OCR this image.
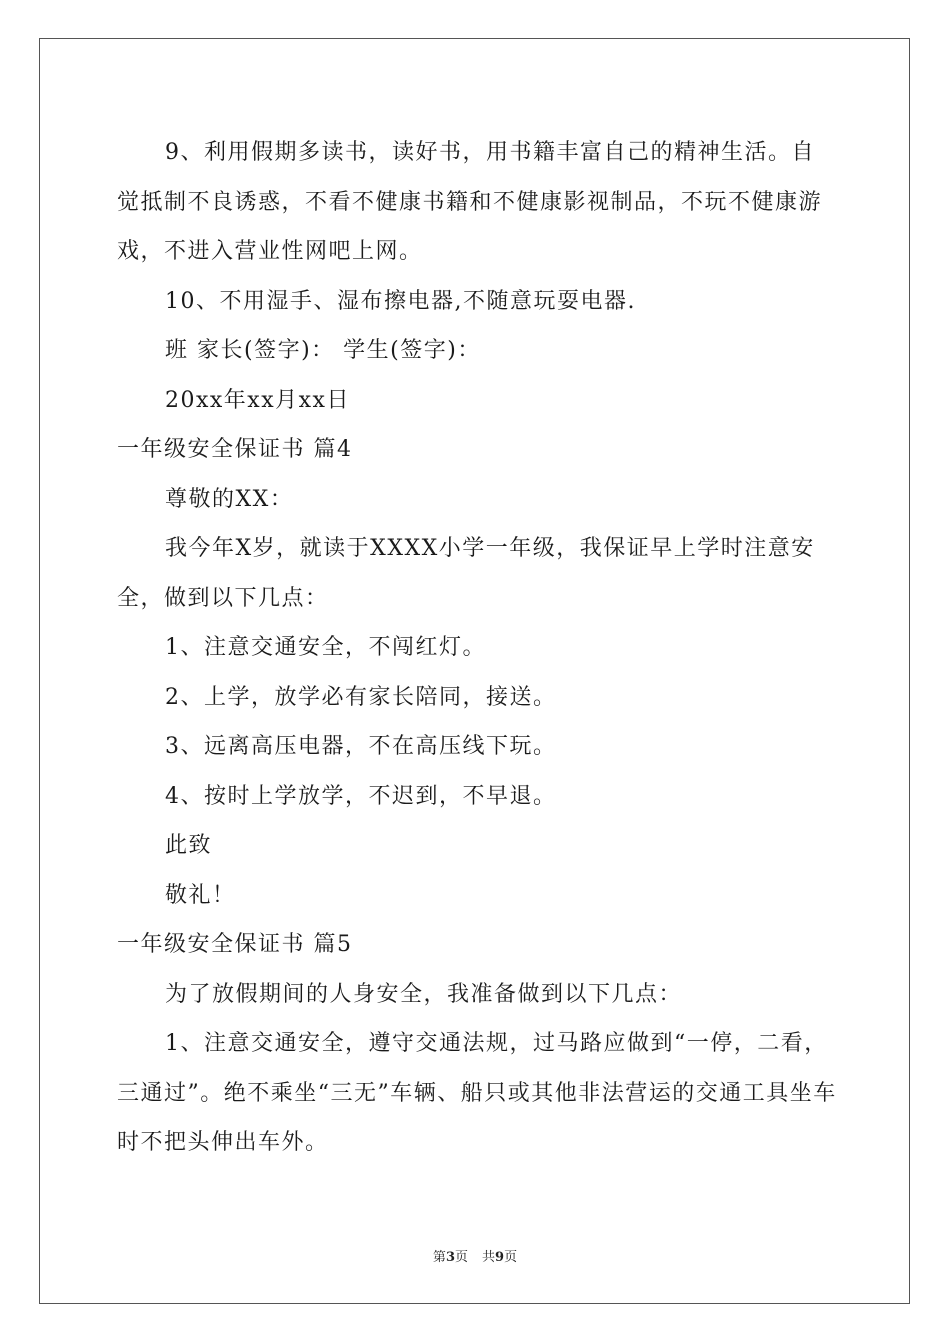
9、利用假期多读书，读好书，用书籍丰富自己的精神生活。自觉抵制不良诱惑，不看不健康书籍和不健康影视制品，不玩不健康游戏，不进入营业性网吧上网。

10、不用湿手、湿布擦电器,不随意玩耍电器.

班 家长(签字)： 学生(签字)：

20xx年xx月xx日

一年级安全保证书 篇4

尊敬的XX：

我今年X岁，就读于XXXX小学一年级，我保证早上学时注意安全，做到以下几点：

1、注意交通安全，不闯红灯。

2、上学，放学必有家长陪同，接送。

3、远离高压电器，不在高压线下玩。

4、按时上学放学，不迟到，不早退。

此致

敬礼！

一年级安全保证书 篇5

为了放假期间的人身安全，我准备做到以下几点：

1、注意交通安全，遵守交通法规，过马路应做到“一停，二看，三通过”。绝不乘坐“三无”车辆、船只或其他非法营运的交通工具坐车时不把头伸出车外。

第3页 共9页
